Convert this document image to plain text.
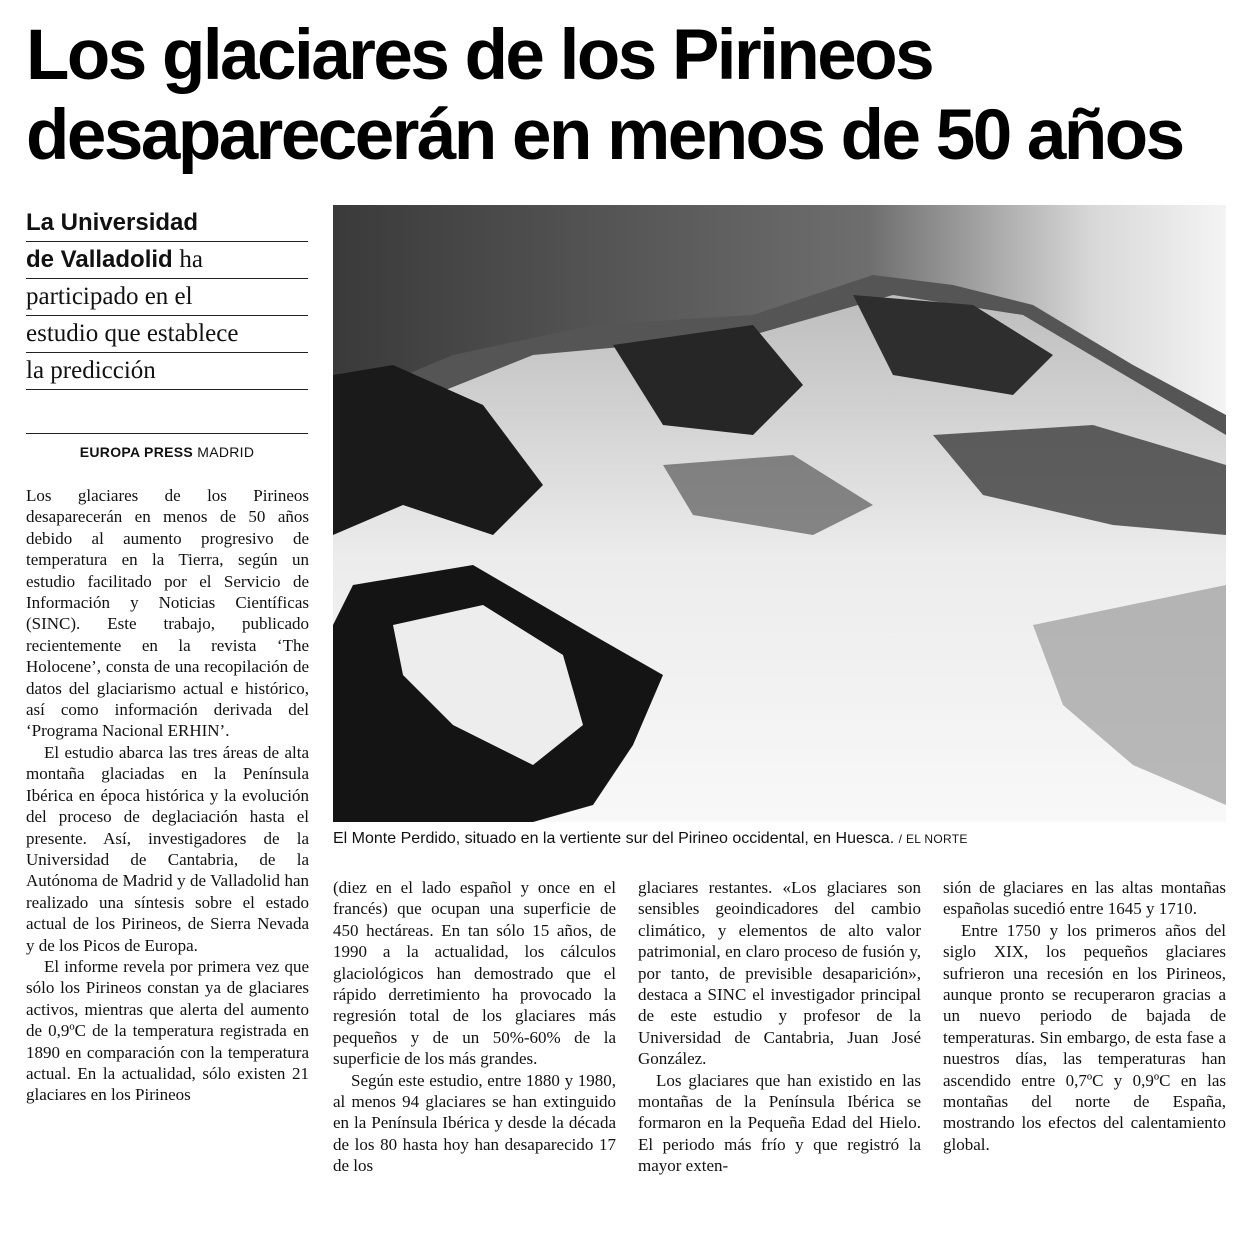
Los glaciares de los Pirineos
desaparecerán en menos de 50 años
La Universidad
de Valladolid ha
participado en el
estudio que establece
la predicción
EUROPA PRESS MADRID
El Monte Perdido, situado en la vertiente sur del Pirineo occidental, en Huesca. / EL NORTE

Los glaciares de los Pirineos desaparecerán en menos de 50 años debido al aumento progresivo de temperatura en la Tierra, según un estudio facilitado por el Servicio de Información y Noticias Científicas (SINC). Este trabajo, publicado recientemente en la revista ‘The Holocene’, consta de una recopilación de datos del glaciarismo actual e histórico, así como información derivada del ‘Programa Nacional ERHIN’.

El estudio abarca las tres áreas de alta montaña glaciadas en la Península Ibérica en época histórica y la evolución del proceso de deglaciación hasta el presente. Así, investigadores de la Universidad de Cantabria, de la Autónoma de Madrid y de Valladolid han realizado una síntesis sobre el estado actual de los Pirineos, de Sierra Nevada y de los Picos de Europa.

El informe revela por primera vez que sólo los Pirineos constan ya de glaciares activos, mientras que alerta del aumento de 0,9ºC de la temperatura registrada en 1890 en comparación con la temperatura actual. En la actualidad, sólo existen 21 glaciares en los Pirineos

(diez en el lado español y once en el francés) que ocupan una superficie de 450 hectáreas. En tan sólo 15 años, de 1990 a la actualidad, los cálculos glaciológicos han demostrado que el rápido derretimiento ha provocado la regresión total de los glaciares más pequeños y de un 50%-60% de la superficie de los más grandes.

Según este estudio, entre 1880 y 1980, al menos 94 glaciares se han extinguido en la Península Ibérica y desde la década de los 80 hasta hoy han desaparecido 17 de los

glaciares restantes. «Los glaciares son sensibles geoindicadores del cambio climático, y elementos de alto valor patrimonial, en claro proceso de fusión y, por tanto, de previsible desaparición», destaca a SINC el investigador principal de este estudio y profesor de la Universidad de Cantabria, Juan José González.

Los glaciares que han existido en las montañas de la Península Ibérica se formaron en la Pequeña Edad del Hielo. El periodo más frío y que registró la mayor exten-

sión de glaciares en las altas montañas españolas sucedió entre 1645 y 1710.

Entre 1750 y los primeros años del siglo XIX, los pequeños glaciares sufrieron una recesión en los Pirineos, aunque pronto se recuperaron gracias a un nuevo periodo de bajada de temperaturas. Sin embargo, de esta fase a nuestros días, las temperaturas han ascendido entre 0,7ºC y 0,9ºC en las montañas del norte de España, mostrando los efectos del calentamiento global.
